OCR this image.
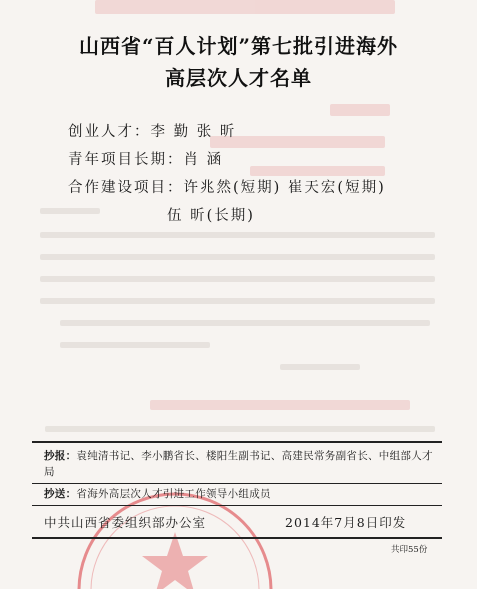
山西省“百人计划”第七批引进海外
高层次人才名单
创业人才：李 勤 张 昕
青年项目长期：肖 涵
合作建设项目：许兆然(短期) 崔天宏(短期)
伍 昕(长期)
抄报：袁纯清书记、李小鹏省长、楼阳生副书记、高建民常务副省长、中组部人才局
抄送：省海外高层次人才引进工作领导小组成员
中共山西省委组织部办公室	2014年7月8日印发
共印55份
